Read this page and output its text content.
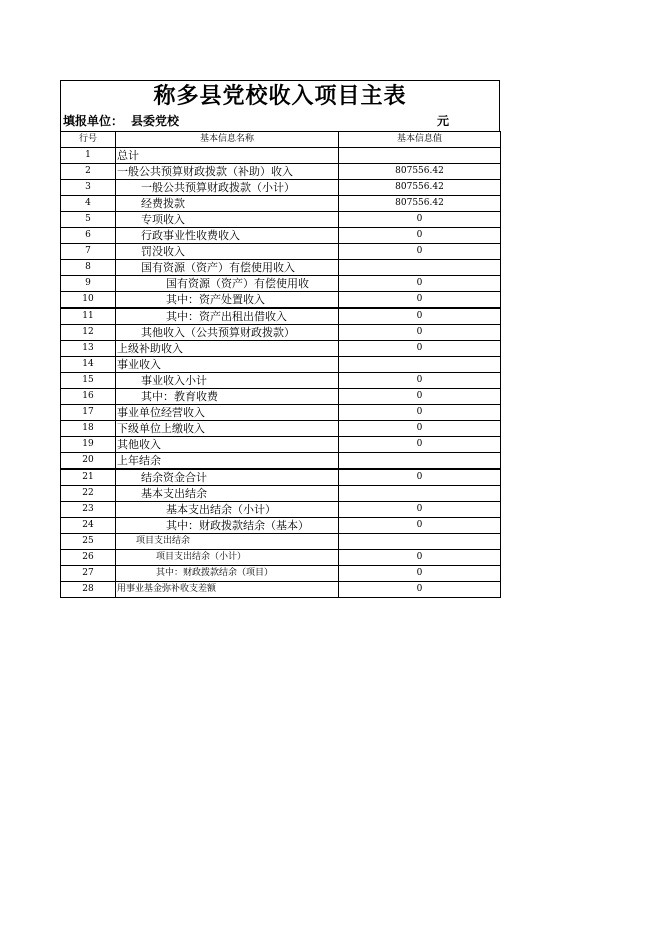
称多县党校收入项目主表
填报单位： 县委党校	元
行号	基本信息名称	基本信息值
1	总计	
2	一般公共预算财政拨款（补助）收入	807556.42
3	一般公共预算财政拨款（小计）	807556.42
4	经费拨款	807556.42
5	专项收入	0
6	行政事业性收费收入	0
7	罚没收入	0
8	国有资源（资产）有偿使用收入	
9	国有资源（资产）有偿使用收	0
10	其中：资产处置收入	0
11	其中：资产出租出借收入	0
12	其他收入（公共预算财政拨款）	0
13	上级补助收入	0
14	事业收入	
15	事业收入小计	0
16	其中：教育收费	0
17	事业单位经营收入	0
18	下级单位上缴收入	0
19	其他收入	0
20	上年结余	
21	结余资金合计	0
22	基本支出结余	
23	基本支出结余（小计）	0
24	其中：财政拨款结余（基本）	0
25	项目支出结余	
26	项目支出结余（小计）	0
27	其中：财政拨款结余（项目）	0
28	用事业基金弥补收支差额	0
